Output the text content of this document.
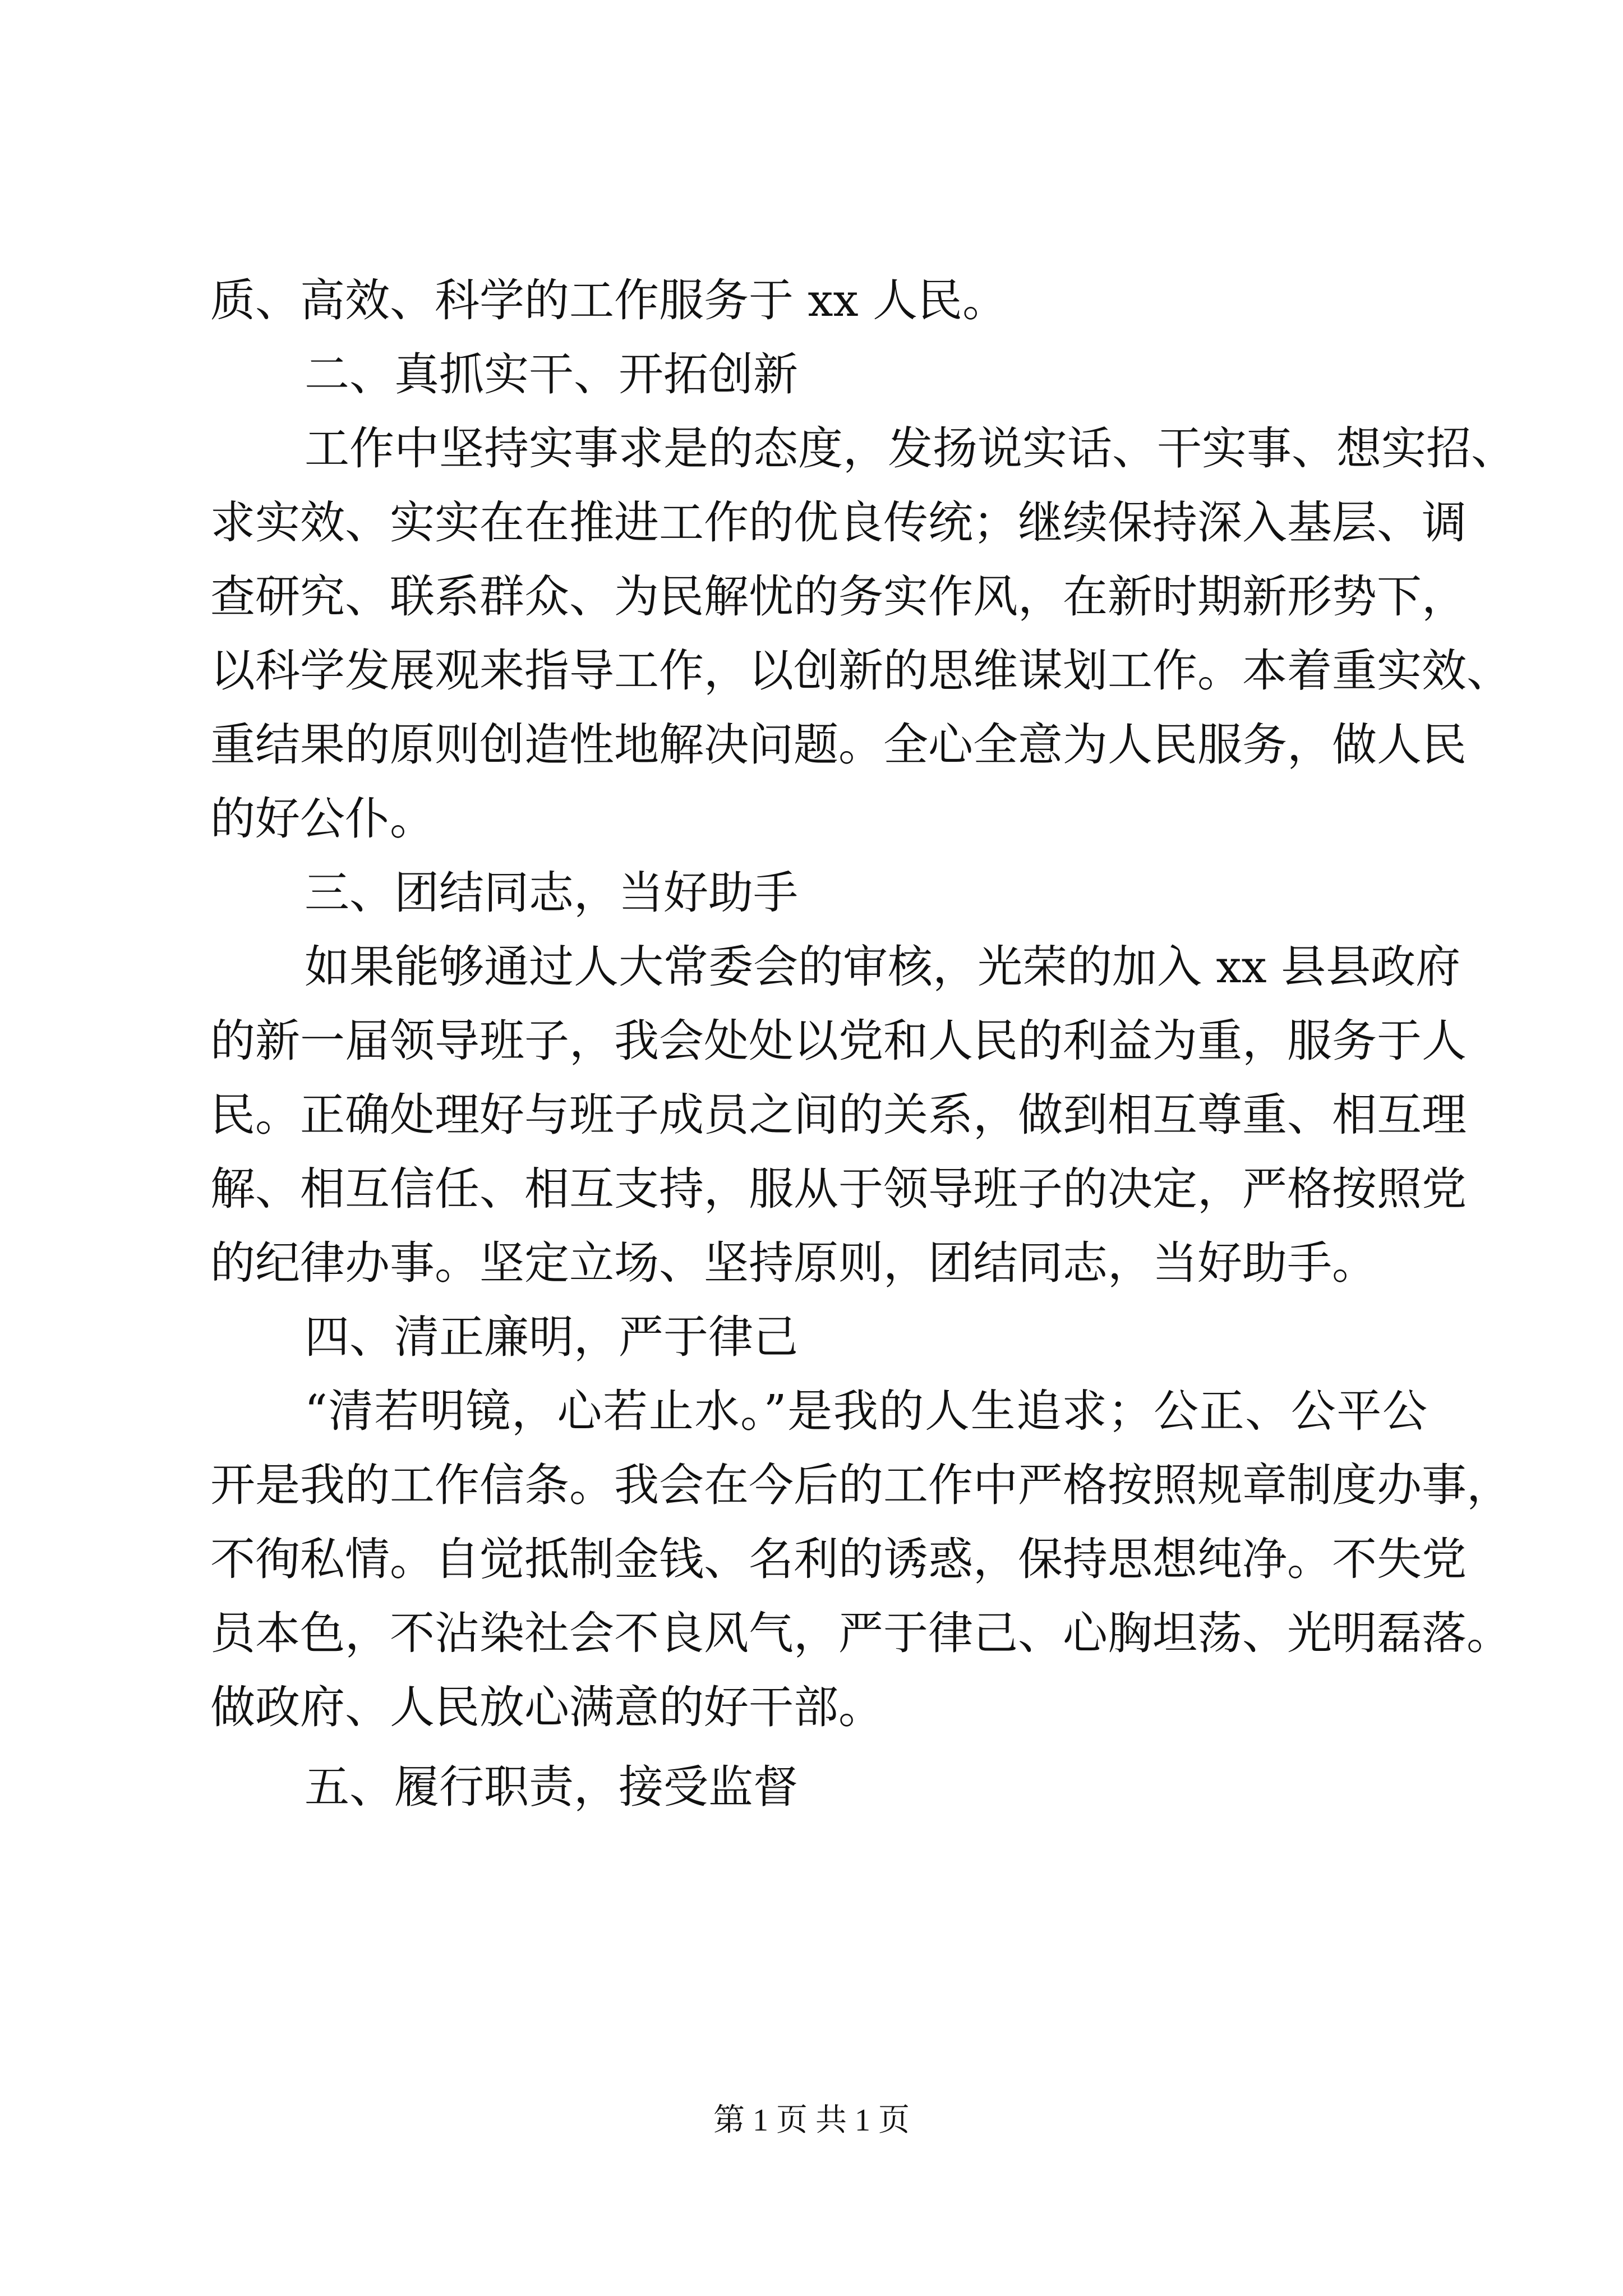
质、高效、科学的工作服务于 xx 人民。
二、真抓实干、开拓创新
工作中坚持实事求是的态度，发扬说实话、干实事、想实招、
求实效、实实在在推进工作的优良传统；继续保持深入基层、调
查研究、联系群众、为民解忧的务实作风，在新时期新形势下，
以科学发展观来指导工作，以创新的思维谋划工作。本着重实效、
重结果的原则创造性地解决问题。全心全意为人民服务，做人民
的好公仆。
三、团结同志，当好助手
如果能够通过人大常委会的审核，光荣的加入 xx 县县政府
的新一届领导班子，我会处处以党和人民的利益为重，服务于人
民。正确处理好与班子成员之间的关系，做到相互尊重、相互理
解、相互信任、相互支持，服从于领导班子的决定，严格按照党
的纪律办事。坚定立场、坚持原则，团结同志，当好助手。
四、清正廉明，严于律己
“清若明镜，心若止水。”是我的人生追求；公正、公平公
开是我的工作信条。我会在今后的工作中严格按照规章制度办事，
不徇私情。自觉抵制金钱、名利的诱惑，保持思想纯净。不失党
员本色，不沾染社会不良风气，严于律己、心胸坦荡、光明磊落。
做政府、人民放心满意的好干部。
五、履行职责，接受监督
第 1 页 共 1 页
